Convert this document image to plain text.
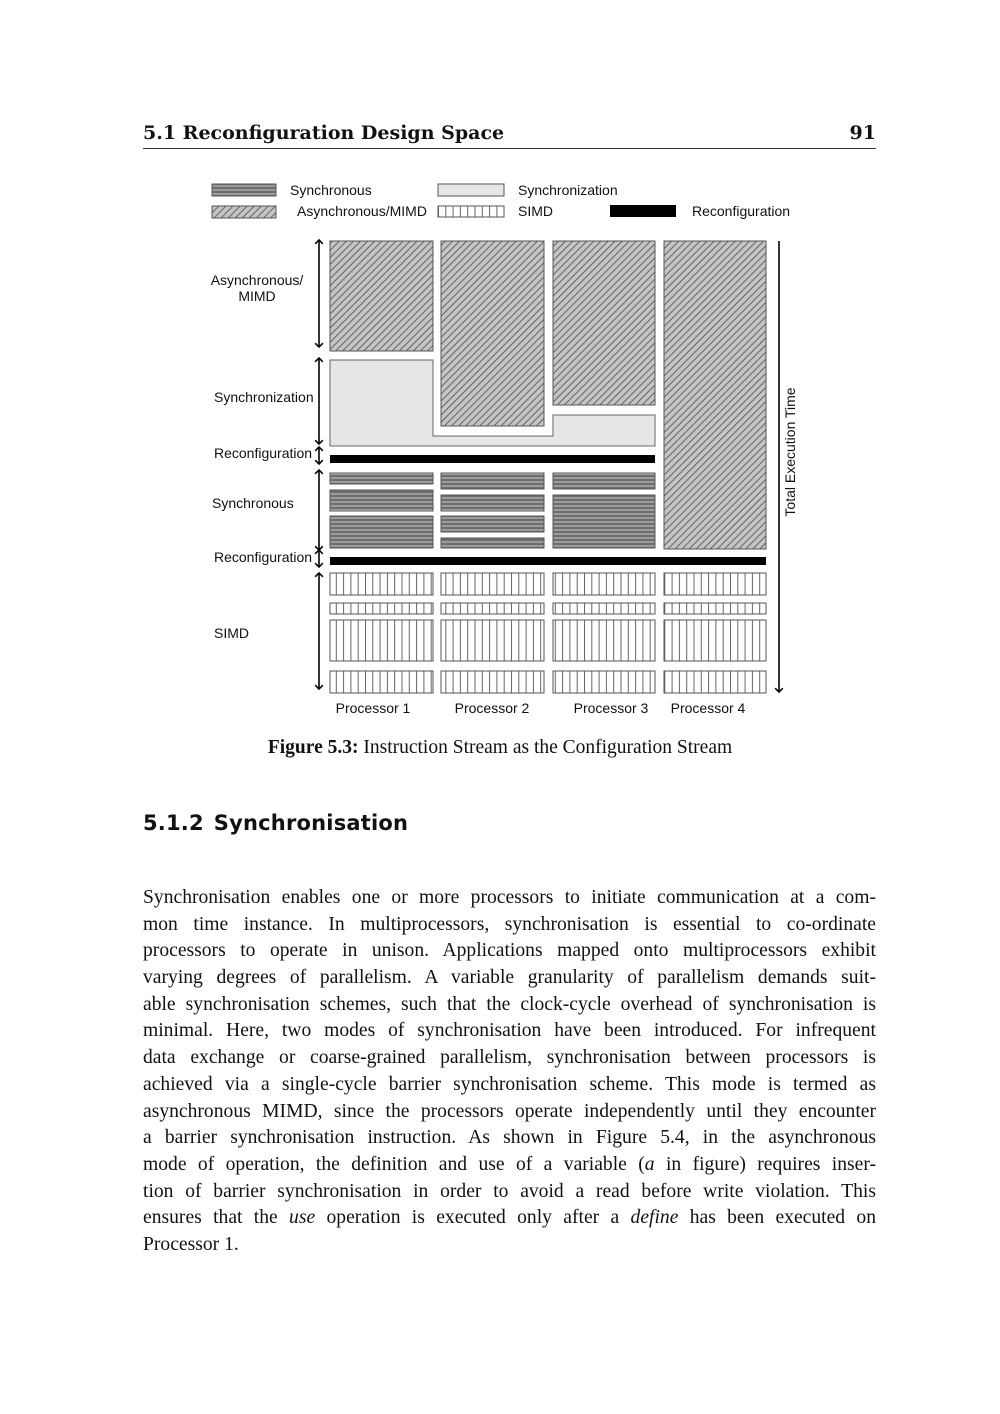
5.1 Reconfiguration Design Space	91
Synchronous	Synchronization
Asynchronous/MIMD	SIMD	Reconfiguration
Asynchronous/
MIMD
Synchronization
Reconfiguration
Synchronous
Reconfiguration
SIMD
Processor 1	Processor 2	Processor 3 Processor 4
Total Execution Time
Figure 5.3: Instruction Stream as the Configuration Stream
5.1.2 Synchronisation
Synchronisation enables one or more processors to initiate communication at a com-
mon time instance. In multiprocessors, synchronisation is essential to co-ordinate
processors to operate in unison. Applications mapped onto multiprocessors exhibit
varying degrees of parallelism. A variable granularity of parallelism demands suit-
able synchronisation schemes, such that the clock-cycle overhead of synchronisation is
minimal. Here, two modes of synchronisation have been introduced. For infrequent
data exchange or coarse-grained parallelism, synchronisation between processors is
achieved via a single-cycle barrier synchronisation scheme. This mode is termed as
asynchronous MIMD, since the processors operate independently until they encounter
a barrier synchronisation instruction. As shown in Figure 5.4, in the asynchronous
mode of operation, the definition and use of a variable (a in figure) requires inser-
tion of barrier synchronisation in order to avoid a read before write violation. This
ensures that the use operation is executed only after a define has been executed on
Processor 1.
